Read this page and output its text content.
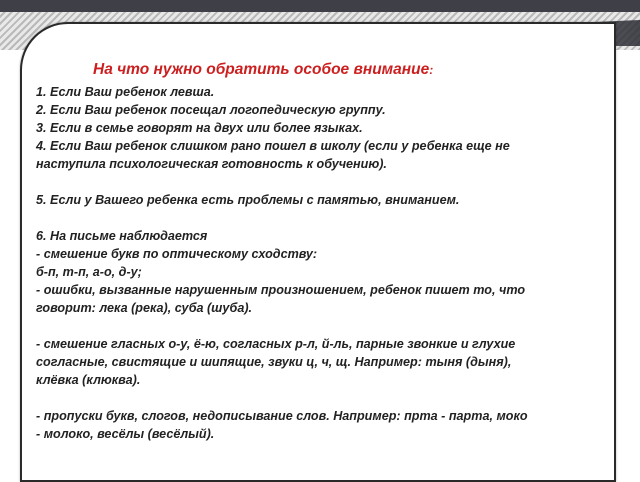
На что нужно обратить особое внимание:
1. Если Ваш ребенок левша.
2. Если Ваш ребенок посещал логопедическую группу.
3. Если в семье говорят на двух или более языках.
4. Если Ваш ребенок слишком рано пошел в школу (если у ребенка еще не
наступила психологическая готовность к обучению).
5. Если у Вашего ребенка есть проблемы с памятью, вниманием.
6. На письме наблюдается
- смешение букв по оптическому сходству:
б-п, т-п, а-о, д-у;
- ошибки, вызванные нарушенным произношением, ребенок пишет то, что
говорит: лека (река), суба (шуба).
- смешение гласных о-у, ё-ю, согласных р-л, й-ль, парные звонкие и глухие
согласные, свистящие и шипящие, звуки ц, ч, щ. Например: тыня (дыня),
клёвка (клюква).
- пропуски букв, слогов, недописывание слов. Например: прта - парта, моко
- молоко, весёлы (весёлый).
